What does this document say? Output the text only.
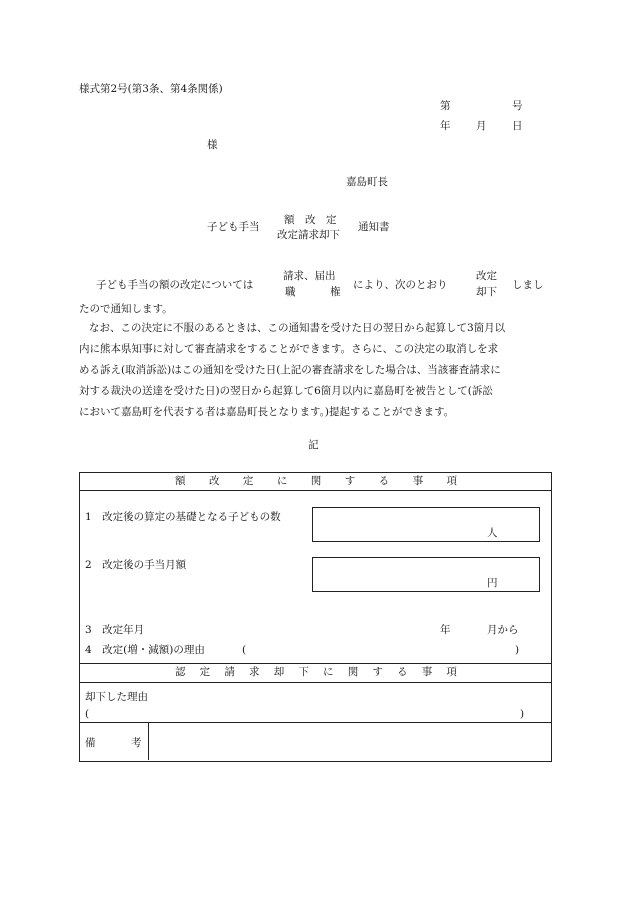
様式第2号(第3条、第4条関係)
第	号
年 月 日
様
嘉島町長
子ども手当
額　改　定
改定請求却下
通知書
子ども手当の額の改定については
請求、届出
職	権
により、次のとおり
改定
却下
しまし
たので通知します。

なお、この決定に不服のあるときは、この通知書を受けた日の翌日から起算して3箇月以

内に熊本県知事に対して審査請求をすることができます。さらに、この決定の取消しを求

める訴え(取消訴訟)はこの通知を受けた日(上記の審査請求をした場合は、当該審査請求に

対する裁決の送達を受けた日)の翌日から起算して6箇月以内に嘉島町を被告として(訴訟

において嘉島町を代表する者は嘉島町長となります。)提起することができます。

記
額 改 定 に 関 す る 事 項
1　改定後の算定の基礎となる子どもの数
人
2　改定後の手当月額
円
3　改定年月	年	月から
4　改定(増・減額)の理由	(	)
認 定 請 求 却 下 に 関 す る 事 項
却下した理由
(	)
備	考
